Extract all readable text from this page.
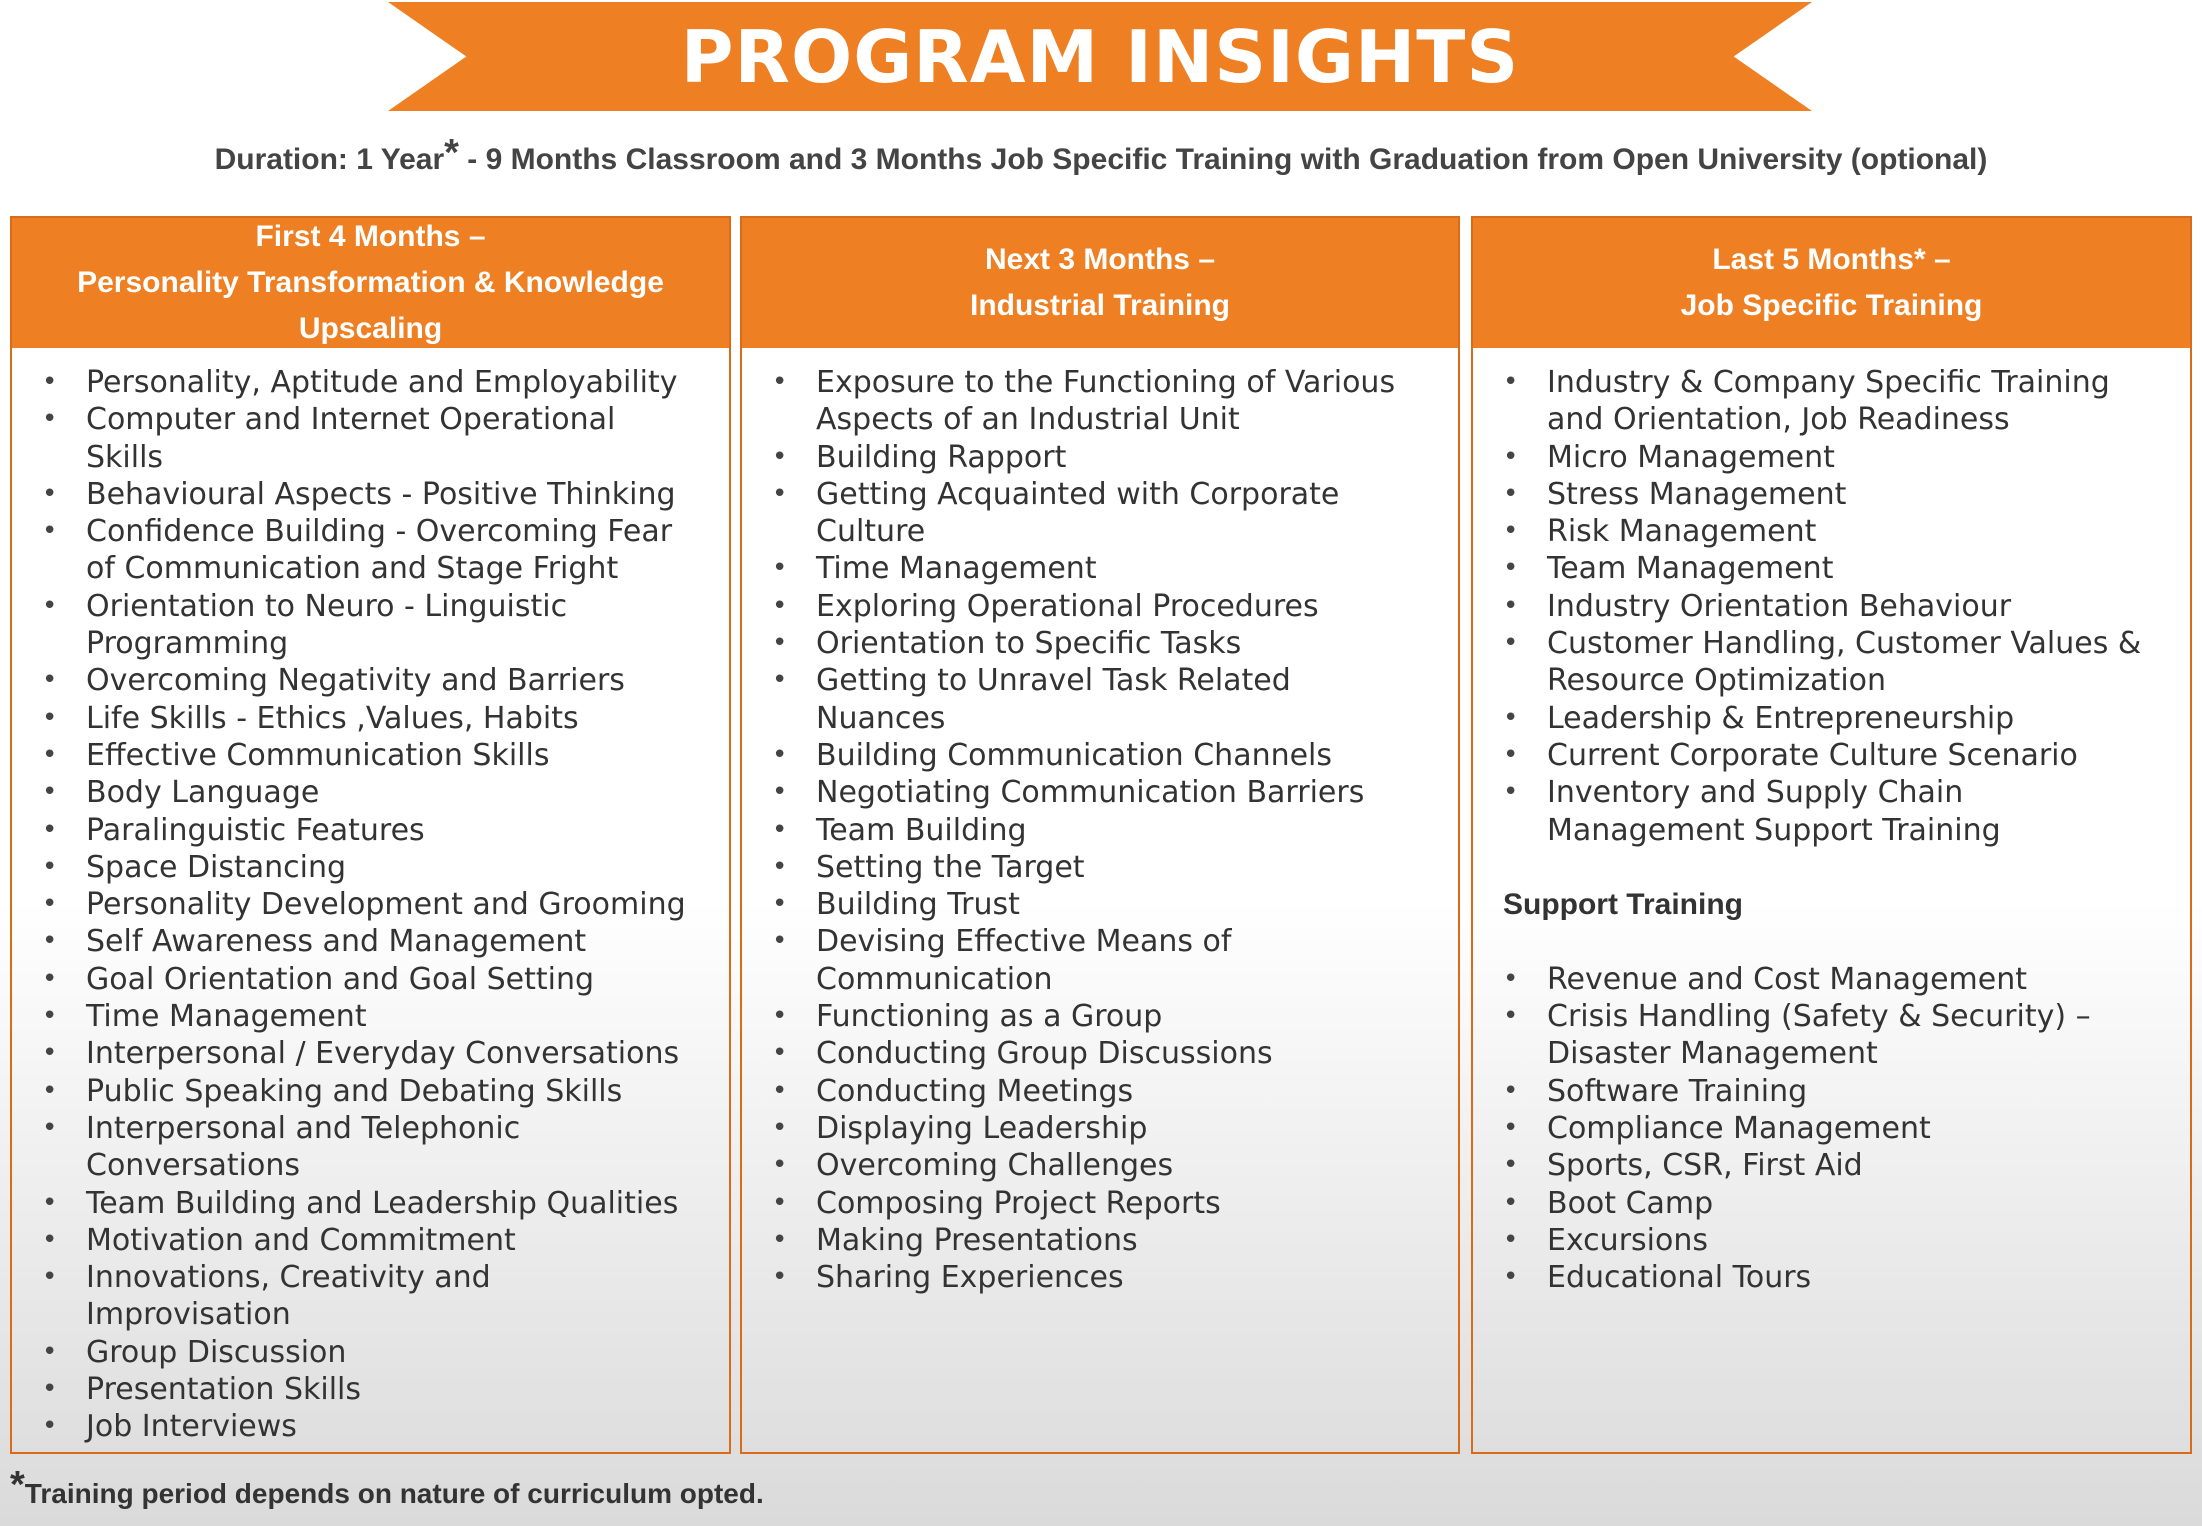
PROGRAM INSIGHTS
Duration: 1 Year* - 9 Months Classroom and 3 Months Job Specific Training with Graduation from Open University (optional)
First 4 Months –
Personality Transformation & Knowledge Upscaling
• Personality, Aptitude and Employability
• Computer and Internet Operational
Skills
• Behavioural Aspects - Positive Thinking
• Confidence Building - Overcoming Fear
of Communication and Stage Fright
• Orientation to Neuro - Linguistic
Programming
• Overcoming Negativity and Barriers
• Life Skills - Ethics ,Values, Habits
• Effective Communication Skills
• Body Language
• Paralinguistic Features
• Space Distancing
• Personality Development and Grooming
• Self Awareness and Management
• Goal Orientation and Goal Setting
• Time Management
• Interpersonal / Everyday Conversations
• Public Speaking and Debating Skills
• Interpersonal and Telephonic
Conversations
• Team Building and Leadership Qualities
• Motivation and Commitment
• Innovations, Creativity and
Improvisation
• Group Discussion
• Presentation Skills
• Job Interviews
Next 3 Months –
Industrial Training
• Exposure to the Functioning of Various
Aspects of an Industrial Unit
• Building Rapport
• Getting Acquainted with Corporate
Culture
• Time Management
• Exploring Operational Procedures
• Orientation to Specific Tasks
• Getting to Unravel Task Related
Nuances
• Building Communication Channels
• Negotiating Communication Barriers
• Team Building
• Setting the Target
• Building Trust
• Devising Effective Means of
Communication
• Functioning as a Group
• Conducting Group Discussions
• Conducting Meetings
• Displaying Leadership
• Overcoming Challenges
• Composing Project Reports
• Making Presentations
• Sharing Experiences
Last 5 Months* –
Job Specific Training
• Industry & Company Specific Training
and Orientation, Job Readiness
• Micro Management
• Stress Management
• Risk Management
• Team Management
• Industry Orientation Behaviour
• Customer Handling, Customer Values &
Resource Optimization
• Leadership & Entrepreneurship
• Current Corporate Culture Scenario
• Inventory and Supply Chain
Management Support Training
Support Training
• Revenue and Cost Management
• Crisis Handling (Safety & Security) –
Disaster Management
• Software Training
• Compliance Management
• Sports, CSR, First Aid
• Boot Camp
• Excursions
• Educational Tours
*Training period depends on nature of curriculum opted.
